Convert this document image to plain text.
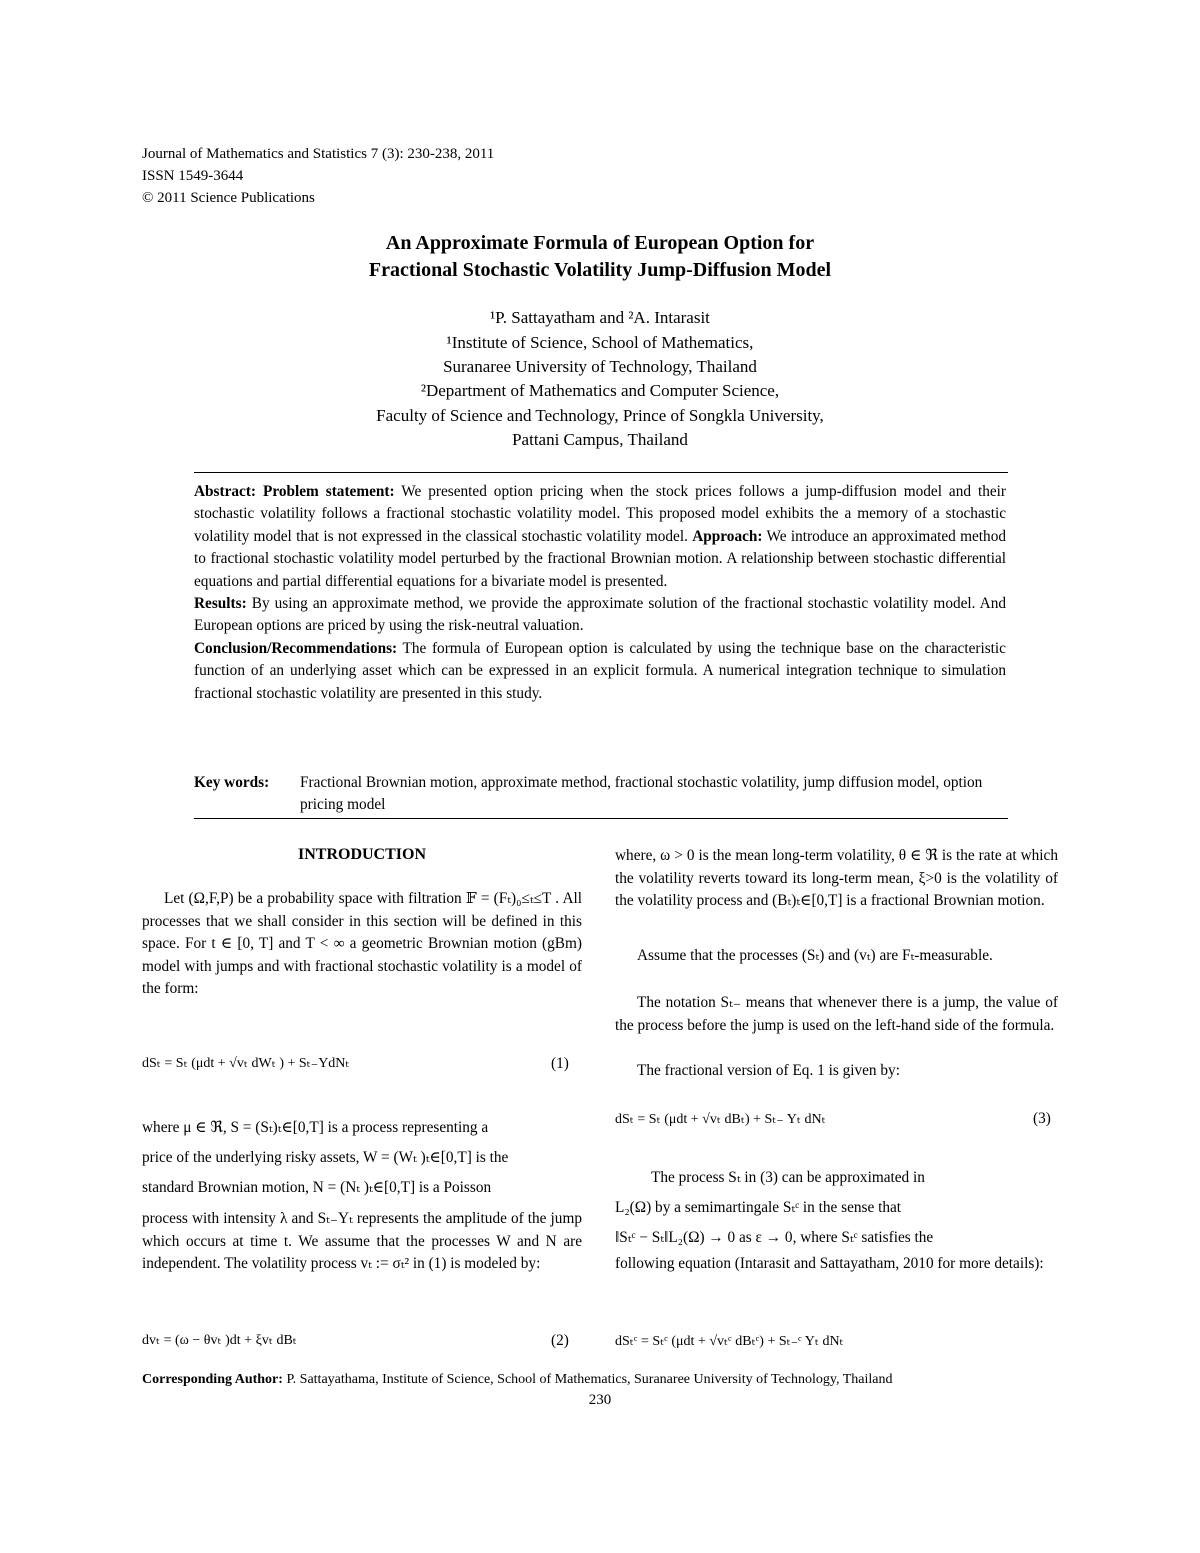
Journal of Mathematics and Statistics 7 (3): 230-238, 2011
ISSN 1549-3644
© 2011 Science Publications
An Approximate Formula of European Option for
Fractional Stochastic Volatility Jump-Diffusion Model
¹P. Sattayatham and ²A. Intarasit
¹Institute of Science, School of Mathematics,
Suranaree University of Technology, Thailand
²Department of Mathematics and Computer Science,
Faculty of Science and Technology, Prince of Songkla University,
Pattani Campus, Thailand

Abstract: Problem statement: We presented option pricing when the stock prices follows a jump-diffusion model and their stochastic volatility follows a fractional stochastic volatility model. This proposed model exhibits the a memory of a stochastic volatility model that is not expressed in the classical stochastic volatility model. Approach: We introduce an approximated method to fractional stochastic volatility model perturbed by the fractional Brownian motion. A relationship between stochastic differential equations and partial differential equations for a bivariate model is presented.
Results: By using an approximate method, we provide the approximate solution of the fractional stochastic volatility model. And European options are priced by using the risk-neutral valuation.
Conclusion/Recommendations: The formula of European option is calculated by using the technique base on the characteristic function of an underlying asset which can be expressed in an explicit formula. A numerical integration technique to simulation fractional stochastic volatility are presented in this study.

Key words: Fractional Brownian motion, approximate method, fractional stochastic volatility, jump diffusion model, option pricing model
INTRODUCTION

Let (Ω,F,P) be a probability space with filtration 𝔽 = (Fₜ)₀≤ₜ≤T . All processes that we shall consider in this section will be defined in this space. For t ∈ [0, T] and T < ∞ a geometric Brownian motion (gBm) model with jumps and with fractional stochastic volatility is a model of the form:

dSₜ = Sₜ (μdt + √vₜ dWₜ ) + Sₜ₋YdNₜ	(1)
where μ ∈ ℜ, S = (Sₜ)ₜ∈[0,T] is a process representing a
price of the underlying risky assets, W = (Wₜ )ₜ∈[0,T] is the
standard Brownian motion, N = (Nₜ )ₜ∈[0,T] is a Poisson

process with intensity λ and Sₜ₋Yₜ represents the amplitude of the jump which occurs at time t. We assume that the processes W and N are independent. The volatility process vₜ := σₜ² in (1) is modeled by:

dvₜ = (ω − θvₜ )dt + ξvₜ dBₜ	(2)

where, ω > 0 is the mean long-term volatility, θ ∈ ℜ is the rate at which the volatility reverts toward its long-term mean, ξ>0 is the volatility of the volatility process and (Bₜ)ₜ∈[0,T] is a fractional Brownian motion.

Assume that the processes (Sₜ) and (vₜ) are Fₜ-measurable.

The notation Sₜ₋ means that whenever there is a jump, the value of the process before the jump is used on the left-hand side of the formula.

The fractional version of Eq. 1 is given by:

dSₜ = Sₜ (μdt + √vₜ dBₜ) + Sₜ₋ Yₜ dNₜ	(3)
The process Sₜ in (3) can be approximated in
L₂(Ω) by a semimartingale Sₜᶜ in the sense that
‖Sₜᶜ − Sₜ‖L₂(Ω) → 0 as ε → 0, where Sₜᶜ satisfies the

following equation (Intarasit and Sattayatham, 2010 for more details):

dSₜᶜ = Sₜᶜ (μdt + √vₜᶜ dBₜᶜ) + Sₜ₋ᶜ Yₜ dNₜ
Corresponding Author: P. Sattayathama, Institute of Science, School of Mathematics, Suranaree University of Technology, Thailand
230
